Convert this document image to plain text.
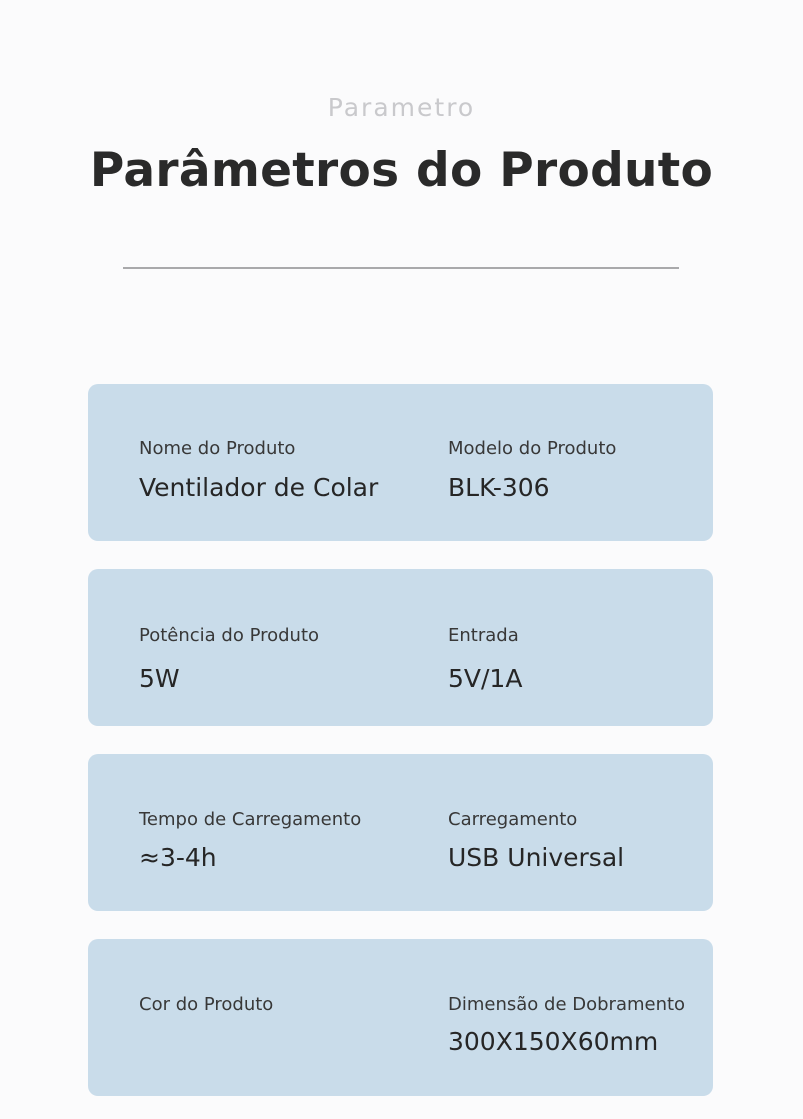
Parametro
Parâmetros do Produto
Nome do Produto
Ventilador de Colar
Modelo do Produto
BLK-306
Potência do Produto
5W
Entrada
5V/1A
Tempo de Carregamento
≈3-4h
Carregamento
USB Universal
Cor do Produto	Dimensão de Dobramento
300X150X60mm
